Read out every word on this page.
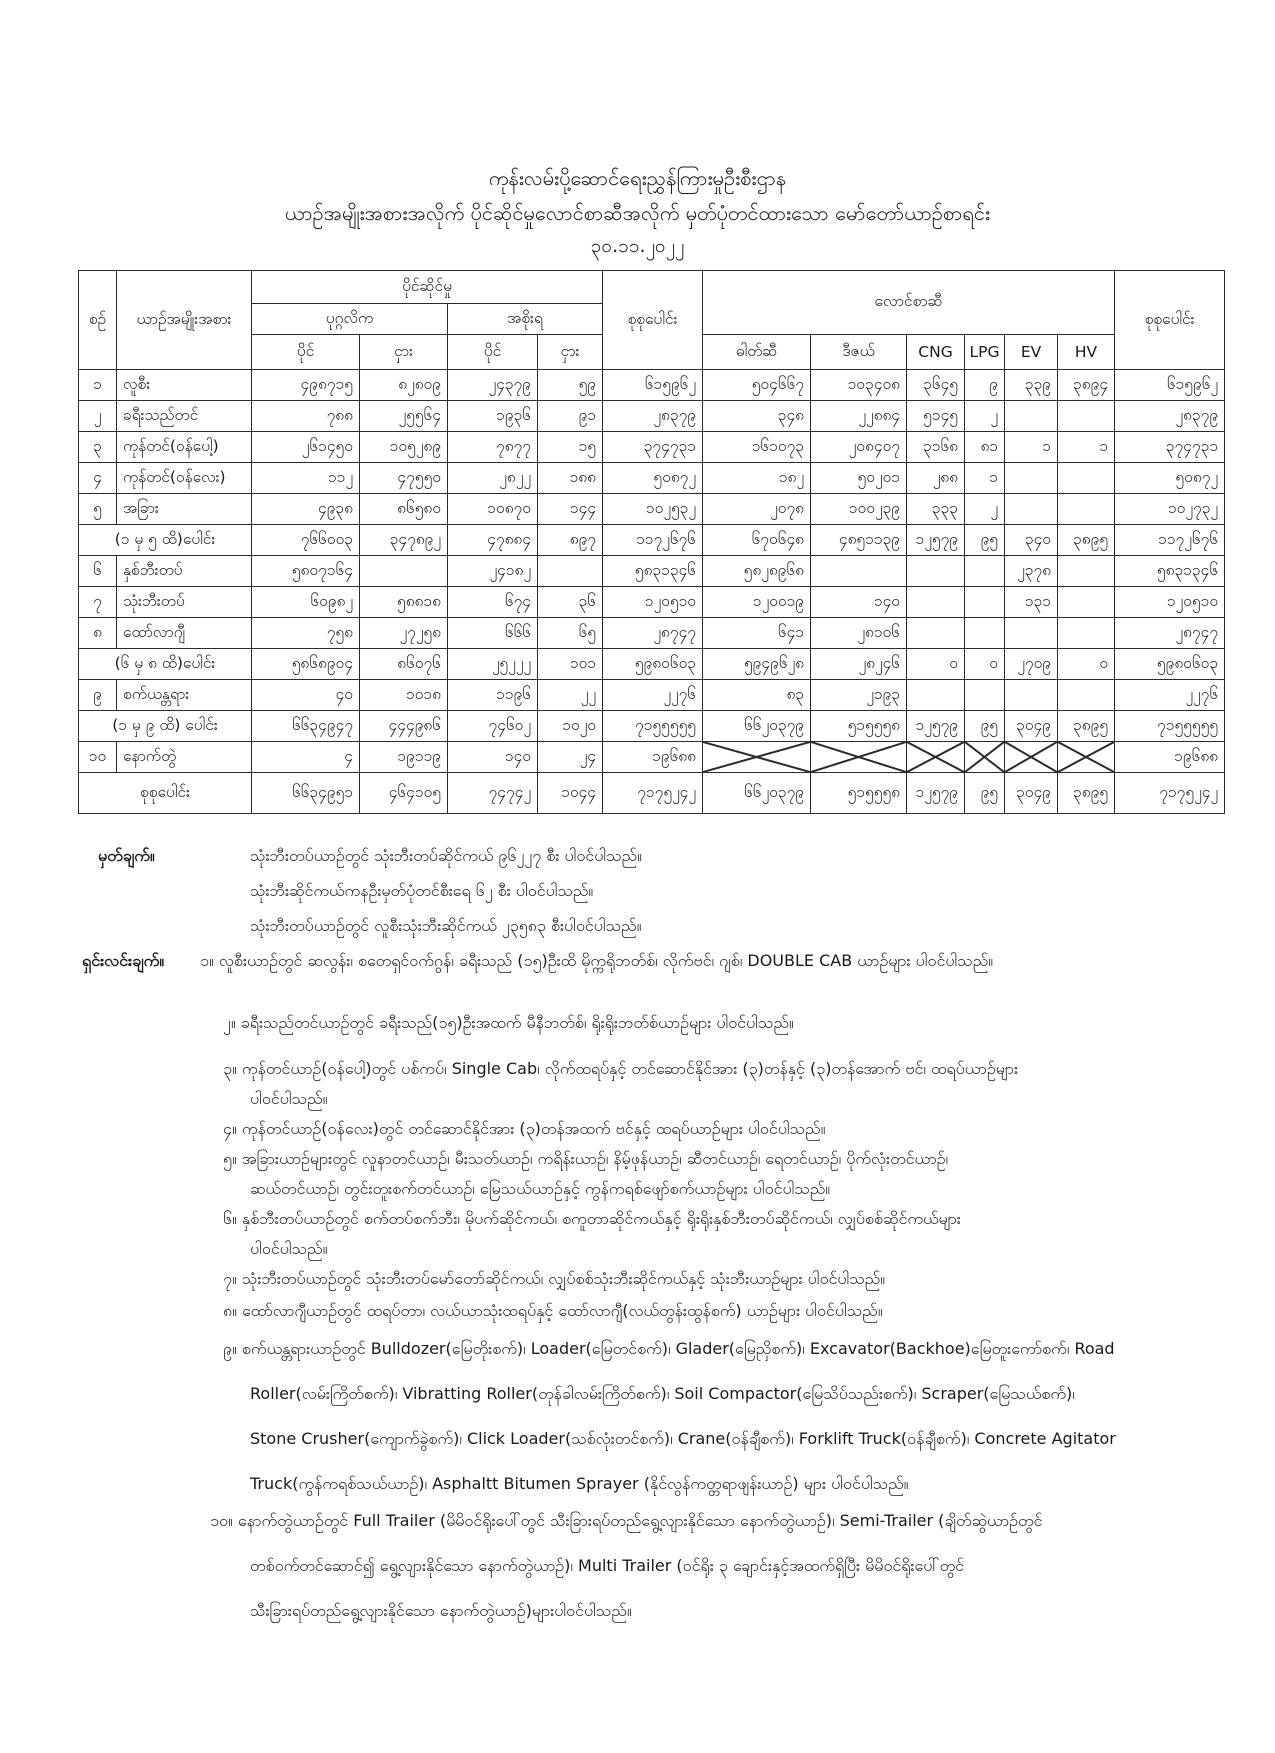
ကုန်းလမ်းပို့ဆောင်ရေးညွှန်ကြားမှုဦးစီးဌာန
ယာဉ်အမျိုးအစားအလိုက် ပိုင်ဆိုင်မှုလောင်စာဆီအလိုက် မှတ်ပုံတင်ထားသော မော်တော်ယာဉ်စာရင်း
၃၀.၁၁.၂၀၂၂
စဉ်	ယာဉ်အမျိုးအစား	ပိုင်ဆိုင်မှု				စုစုပေါင်း	လောင်စာဆီ						စုစုပေါင်း
		ပုဂ္ဂလိက		အစိုးရ									
		ပိုင်	ငှား	ပိုင်	ငှား		ဓါတ်ဆီ	ဒီဇယ်	CNG	LPG	EV	HV	
၁	လူစီး	၄၉၈၇၁၅	၈၂၈၀၉	၂၄၃၇၉	၅၉	၆၁၅၉၆၂	၅၀၄၆၆၇	၁၀၃၄၀၈	၃၆၄၅	၉	၃၃၉	၃၈၉၄	၆၁၅၉၆၂
၂	ခရီးသည်တင်	၇၈၈	၂၅၅၆၄	၁၉၃၆	၉၁	၂၈၃၇၉	၃၄၈	၂၂၈၈၄	၅၁၄၅	၂			၂၈၃၇၉
၃	ကုန်တင်(ဝန်ပေါ့)	၂၆၁၄၅၀	၁၀၅၂၈၉	၇၈၇၇	၁၅	၃၇၄၇၃၁	၁၆၁၀၇၃	၂၀၈၄၀၇	၃၁၆၈	၈၁	၁	၁	၃၇၄၇၃၁
၄	ကုန်တင်(ဝန်လေး)	၁၁၂	၄၇၅၅၀	၂၈၂၂	၁၈၈	၅၀၈၇၂	၁၈၂	၅၀၂၀၁	၂၈၈	၁			၅၀၈၇၂
၅	အခြား	၄၉၃၈	၈၆၅၈၀	၁၀၈၇၀	၁၄၄	၁၀၂၅၃၂	၂၀၇၈	၁၀၀၂၃၉	၃၃၃	၂			၁၀၂၇၃၂
(၁ မှ ၅ ထိ)ပေါင်း		၇၆၆၀၀၃	၃၄၇၈၉၂	၄၇၈၈၄	၈၉၇	၁၁၇၂၆၇၆	၆၇၀၆၄၈	၄၈၅၁၁၃၉	၁၂၅၇၉	၉၅	၃၄၀	၃၈၉၅	၁၁၇၂၆၇၆
၆	နှစ်ဘီးတပ်	၅၈၀၇၁၆၄		၂၄၁၈၂		၅၈၃၁၃၄၆	၅၈၂၈၉၆၈				၂၃၇၈		၅၈၃၁၃၄၆
၇	သုံးဘီးတပ်	၆၀၉၈၂	၅၈၈၁၈	၆၇၄	၃၆	၁၂၀၅၁၀	၁၂၀၀၁၉	၁၄၀			၁၃၁		၁၂၀၅၁၀
၈	ထော်လာဂျီ	၇၅၈	၂၇၂၅၈	၆၆၆	၆၅	၂၈၇၄၇	၆၄၁	၂၈၁၀၆					၂၈၇၄၇
(၆ မှ ၈ ထိ)ပေါင်း		၅၈၆၈၉၀၄	၈၆၀၇၆	၂၅၂၂၂	၁၀၁	၅၉၈၀၆၀၃	၅၉၄၉၆၂၈	၂၈၂၄၆	၀	၀	၂၇၀၉	၀	၅၉၈၀၆၀၃
၉	စက်ယန္တရား	၄၀	၁၀၁၈	၁၁၉၆	၂၂	၂၂၇၆	၈၃	၂၁၉၃					၂၂၇၆
(၁ မှ ၉ ထိ) ပေါင်း		၆၆၃၄၉၄၇	၄၄၄၉၈၆	၇၄၆၀၂	၁၀၂၀	၇၁၅၅၅၅၅	၆၆၂၀၃၇၉	၅၁၅၅၅၈	၁၂၅၇၉	၉၅	၃၀၄၉	၃၈၉၅	၇၁၅၅၅၅၅
၁၀	နောက်တွဲ	၄	၁၉၁၁၉	၁၄၀	၂၄	၁၉၆၈၈							၁၉၆၈၈
စုစုပေါင်း		၆၆၃၄၉၅၁	၄၆၄၁၀၅	၇၄၇၄၂	၁၀၄၄	၇၁၇၅၂၄၂	၆၆၂၀၃၇၉	၅၁၅၅၅၈	၁၂၅၇၉	၉၅	၃၀၄၉	၃၈၉၅	၇၁၇၅၂၄၂
မှတ်ချက်။	သုံးဘီးတပ်ယာဉ်တွင် သုံးဘီးတပ်ဆိုင်ကယ် ၉၆၂၂၇ စီး ပါဝင်ပါသည်။
သုံးဘီးဆိုင်ကယ်ကနဦးမှတ်ပုံတင်စီးရေ ၆၂ စီး ပါဝင်ပါသည်။
သုံးဘီးတပ်ယာဉ်တွင် လူစီးသုံးဘီးဆိုင်ကယ် ၂၃၅၈၃ စီးပါဝင်ပါသည်။
ရှင်းလင်းချက်။ ၁။ လူစီးယာဉ်တွင် ဆလွန်း၊ စတေရှင်ဝက်ဂွန်၊ ခရီးသည် (၁၅)ဦးထိ မိုက္ကရိုဘတ်စ်၊ လိုက်ဗင်၊ ဂျစ်၊ DOUBLE CAB ယာဉ်များ ပါဝင်ပါသည်။
၂။ ခရီးသည်တင်ယာဉ်တွင် ခရီးသည်(၁၅)ဦးအထက် မီနီဘတ်စ်၊ ရိုးရိုးဘတ်စ်ယာဉ်များ ပါဝင်ပါသည်။
၃။ ကုန်တင်ယာဉ်(ဝန်ပေါ့)တွင် ပစ်ကပ်၊ Single Cab၊ လိုက်ထရပ်နှင့် တင်ဆောင်နိုင်အား (၃)တန်နှင့် (၃)တန်အောက် ဗင်၊ ထရပ်ယာဉ်များ
ပါဝင်ပါသည်။
၄။ ကုန်တင်ယာဉ်(ဝန်လေး)တွင် တင်ဆောင်နိုင်အား (၃)တန်အထက် ဗင်နှင့် ထရပ်ယာဉ်များ ပါဝင်ပါသည်။
၅။ အခြားယာဉ်များတွင် လူနာတင်ယာဉ်၊ မီးသတ်ယာဉ်၊ ကရိန်းယာဉ်၊ နိမ့်ဖုန်ယာဉ်၊ ဆီတင်ယာဉ်၊ ရေတင်ယာဉ်၊ ပိုက်လုံးတင်ယာဉ်၊
ဆယ်တင်ယာဉ်၊ တွင်းတူးစက်တင်ယာဉ်၊ မြေသယ်ယာဉ်နှင့် ကွန်ကရစ်ဖျော်စက်ယာဉ်များ ပါဝင်ပါသည်။
၆။ နှစ်ဘီးတပ်ယာဉ်တွင် စက်တပ်စက်ဘီး၊ မိုပက်ဆိုင်ကယ်၊ စကူတာဆိုင်ကယ်နှင့် ရိုးရိုးနှစ်ဘီးတပ်ဆိုင်ကယ်၊ လျှပ်စစ်ဆိုင်ကယ်များ
ပါဝင်ပါသည်။
၇။ သုံးဘီးတပ်ယာဉ်တွင် သုံးဘီးတပ်မော်တော်ဆိုင်ကယ်၊ လျှပ်စစ်သုံးဘီးဆိုင်ကယ်နှင့် သုံးဘီးယာဉ်များ ပါဝင်ပါသည်။
၈။ ထော်လာဂျီယာဉ်တွင် ထရပ်တာ၊ လယ်ယာသုံးထရပ်နှင့် ထော်လာဂျီ(လယ်တွန်းထွန်စက်) ယာဉ်များ ပါဝင်ပါသည်။
၉။ စက်ယန္တရားယာဉ်တွင် Bulldozer(မြေတိုးစက်)၊ Loader(မြေတင်စက်)၊ Glader(မြေညှိစက်)၊ Excavator(Backhoe)မြေတူးကော်စက်၊ Road
Roller(လမ်းကြိတ်စက်)၊ Vibratting Roller(တုန်ခါလမ်းကြိတ်စက်)၊ Soil Compactor(မြေသိပ်သည်းစက်)၊ Scraper(မြေသယ်စက်)၊
Stone Crusher(ကျောက်ခွဲစက်)၊ Click Loader(သစ်လုံးတင်စက်)၊ Crane(ဝန်ချီစက်)၊ Forklift Truck(ဝန်ချီစက်)၊ Concrete Agitator
Truck(ကွန်ကရစ်သယ်ယာဉ်)၊ Asphaltt Bitumen Sprayer (နိုင်လွန်ကတ္တရာဖျန်းယာဉ်) များ ပါဝင်ပါသည်။
၁၀။ နောက်တွဲယာဉ်တွင် Full Trailer (မိမိဝင်ရိုးပေါ်တွင် သီးခြားရပ်တည်ရွေ့လျားနိုင်သော နောက်တွဲယာဉ်)၊ Semi-Trailer (ချိတ်ဆွဲယာဉ်တွင်
တစ်ဝက်တင်ဆောင်၍ ရွေ့လျားနိုင်သော နောက်တွဲယာဉ်)၊ Multi Trailer (ဝင်ရိုး ၃ ချောင်းနှင့်အထက်ရှိပြီး မိမိဝင်ရိုးပေါ်တွင်
သီးခြားရပ်တည်ရွေ့လျားနိုင်သော နောက်တွဲယာဉ်)များပါဝင်ပါသည်။
